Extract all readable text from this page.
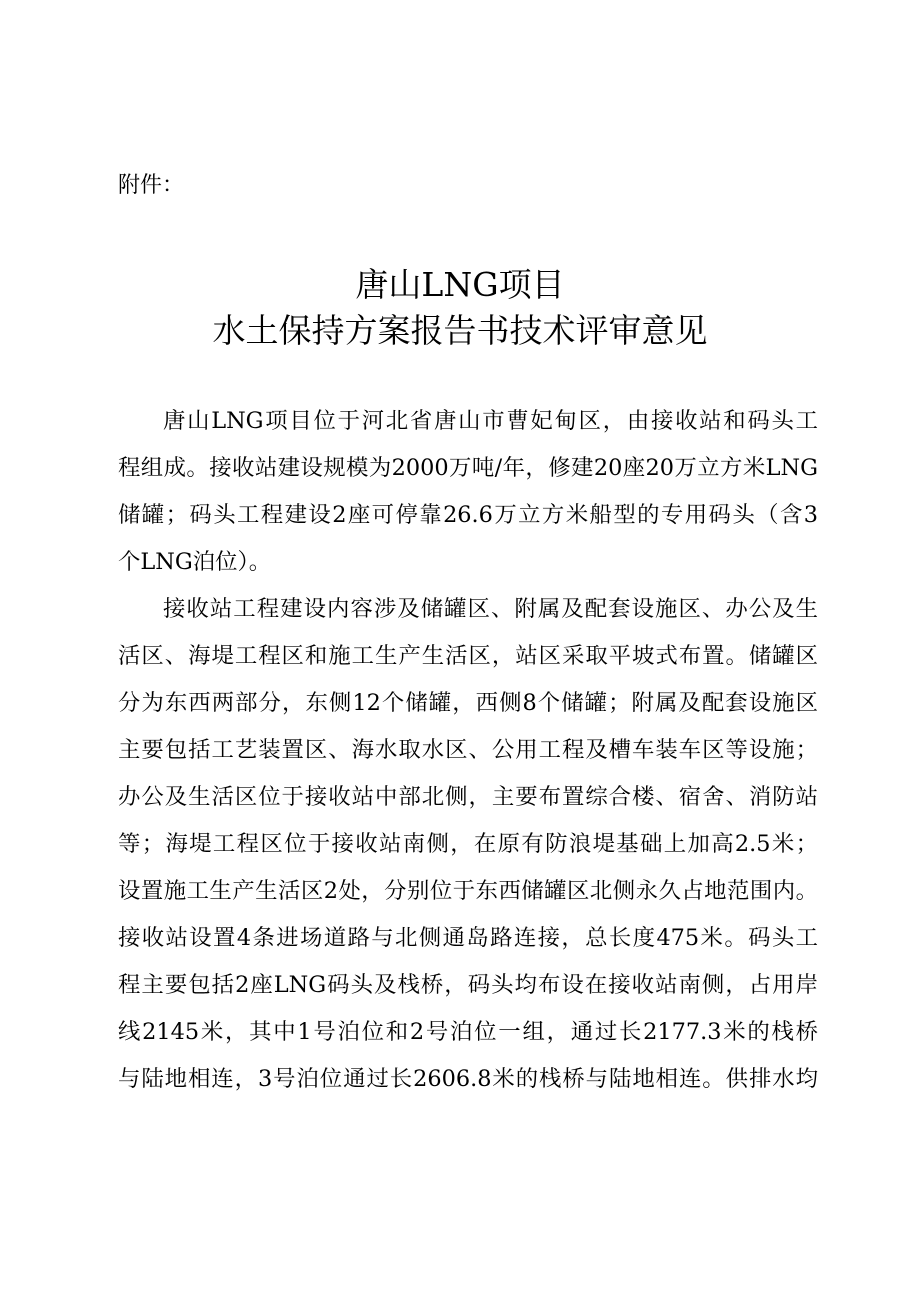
附件：
唐山LNG项目
水土保持方案报告书技术评审意见
唐山LNG项目位于河北省唐山市曹妃甸区，由接收站和码头工
程组成。接收站建设规模为2000万吨/年，修建20座20万立方米LNG
储罐；码头工程建设2座可停靠26.6万立方米船型的专用码头（含3
个LNG泊位）。
接收站工程建设内容涉及储罐区、附属及配套设施区、办公及生
活区、海堤工程区和施工生产生活区，站区采取平坡式布置。储罐区
分为东西两部分，东侧12个储罐，西侧8个储罐；附属及配套设施区
主要包括工艺装置区、海水取水区、公用工程及槽车装车区等设施；
办公及生活区位于接收站中部北侧，主要布置综合楼、宿舍、消防站
等；海堤工程区位于接收站南侧，在原有防浪堤基础上加高2.5米；
设置施工生产生活区2处，分别位于东西储罐区北侧永久占地范围内。
接收站设置4条进场道路与北侧通岛路连接，总长度475米。码头工
程主要包括2座LNG码头及栈桥，码头均布设在接收站南侧，占用岸
线2145米，其中1号泊位和2号泊位一组，通过长2177.3米的栈桥
与陆地相连，3号泊位通过长2606.8米的栈桥与陆地相连。供排水均
